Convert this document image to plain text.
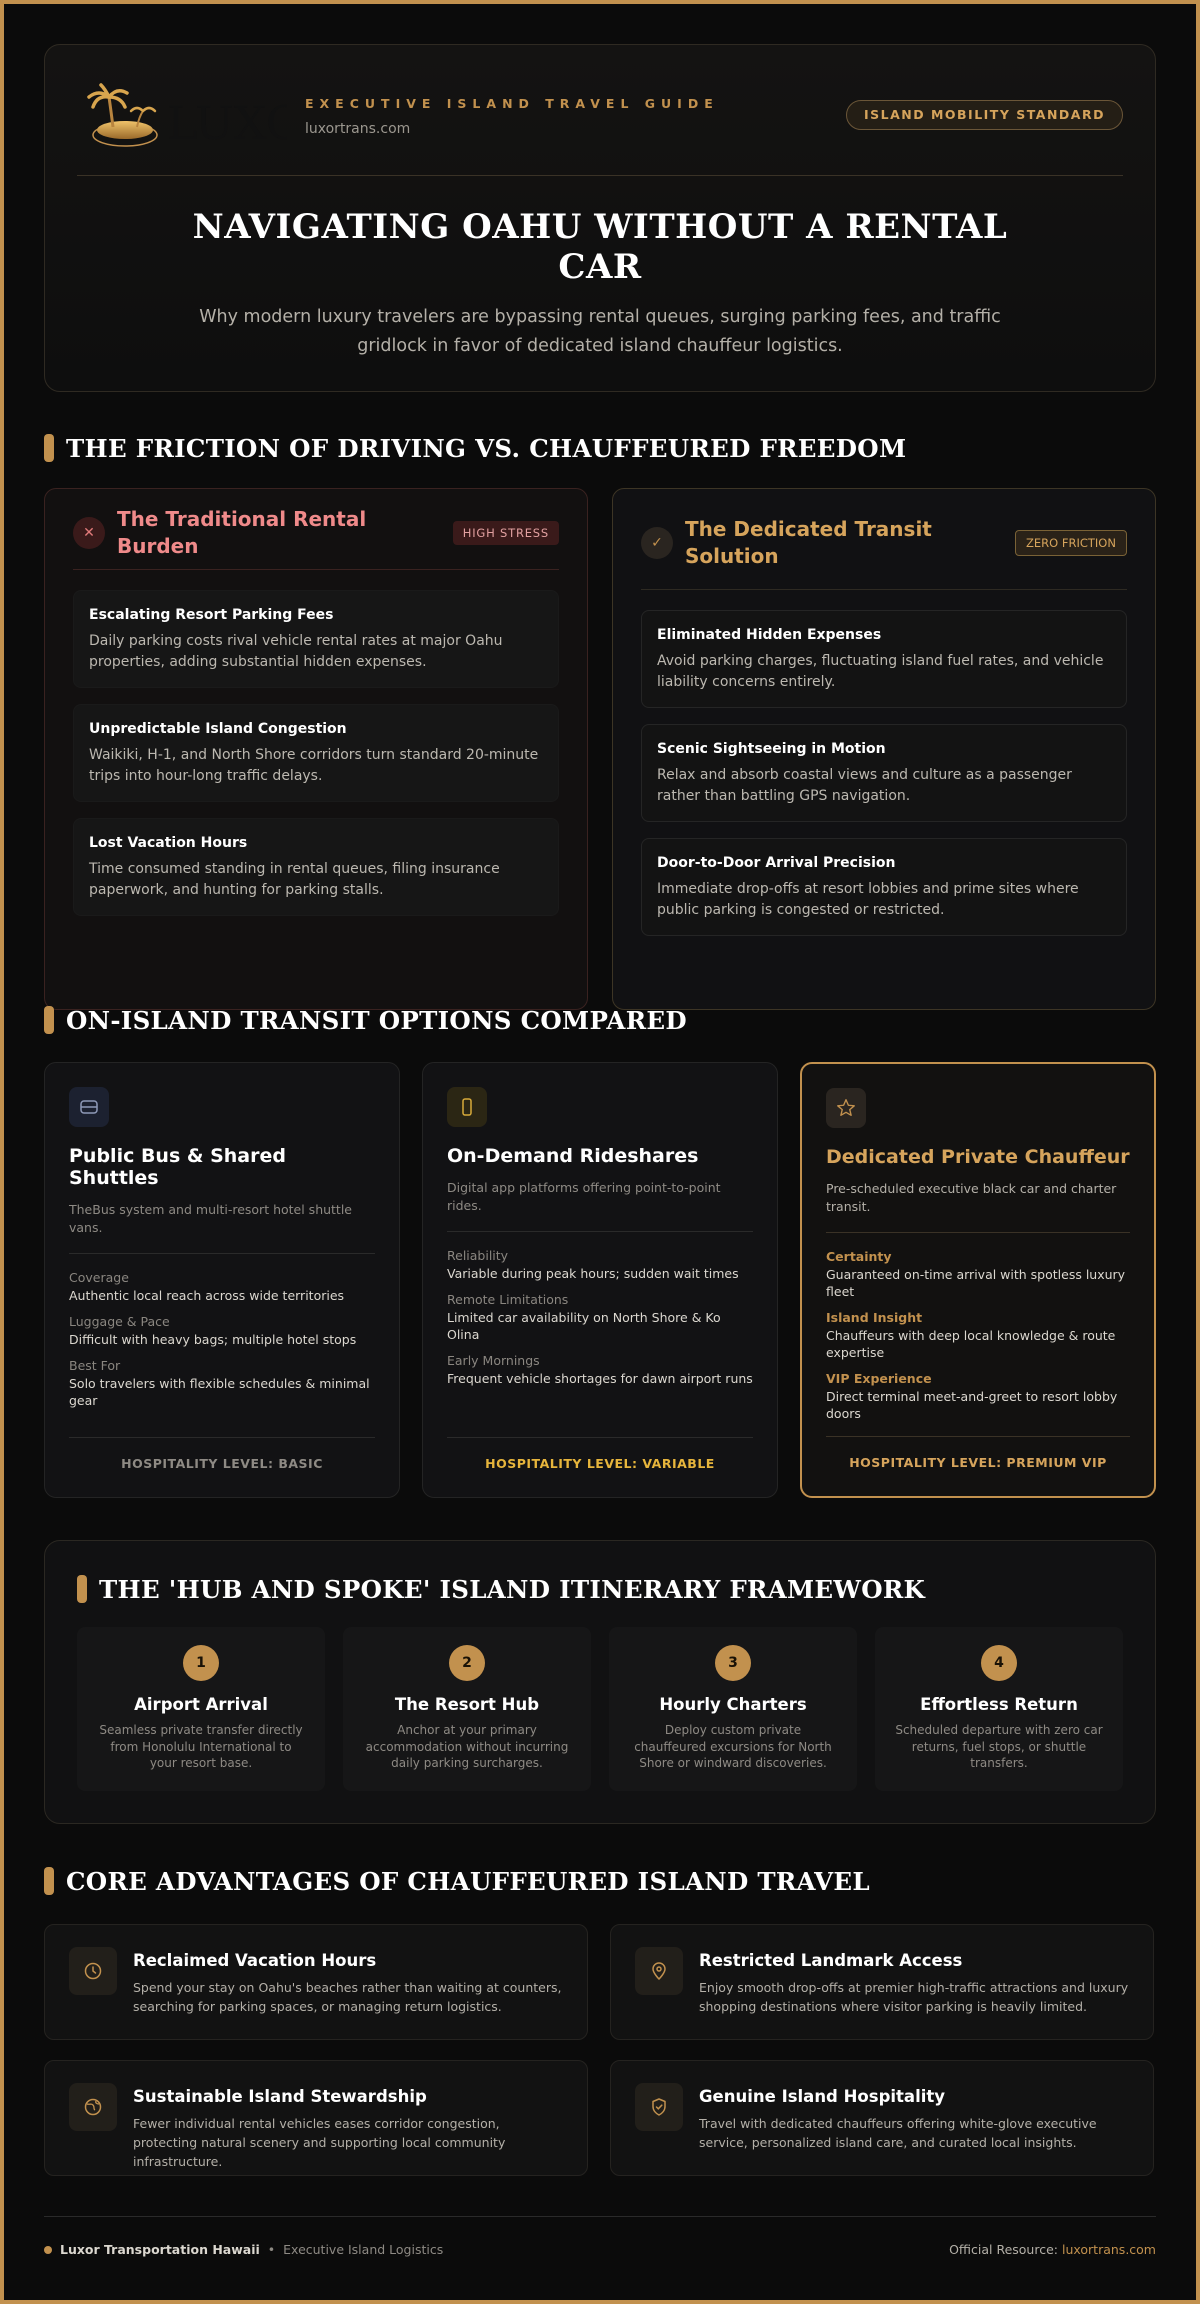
LUXO EXECUTIVE ISLAND TRAVEL GUIDE
luxortrans.com
ISLAND MOBILITY STANDARD
NAVIGATING OAHU WITHOUT A RENTAL CAR
Why modern luxury travelers are bypassing rental queues, surging parking fees, and traffic gridlock in favor of dedicated island chauffeur logistics.
THE FRICTION OF DRIVING VS. CHAUFFEURED FREEDOM
✕
The Traditional Rental Burden
HIGH STRESS
Escalating Resort Parking Fees
Daily parking costs rival vehicle rental rates at major Oahu properties, adding substantial hidden expenses.
Unpredictable Island Congestion
Waikiki, H-1, and North Shore corridors turn standard 20-minute trips into hour-long traffic delays.
Lost Vacation Hours
Time consumed standing in rental queues, filing insurance paperwork, and hunting for parking stalls.
✓
The Dedicated Transit Solution
ZERO FRICTION
Eliminated Hidden Expenses
Avoid parking charges, fluctuating island fuel rates, and vehicle liability concerns entirely.
Scenic Sightseeing in Motion
Relax and absorb coastal views and culture as a passenger rather than battling GPS navigation.
Door-to-Door Arrival Precision
Immediate drop-offs at resort lobbies and prime sites where public parking is congested or restricted.
ON-ISLAND TRANSIT OPTIONS COMPARED
Public Bus & Shared Shuttles
TheBus system and multi-resort hotel shuttle vans.
Coverage
Authentic local reach across wide territories
Luggage & Pace
Difficult with heavy bags; multiple hotel stops
Best For
Solo travelers with flexible schedules & minimal gear
HOSPITALITY LEVEL: BASIC
On-Demand Rideshares
Digital app platforms offering point-to-point rides.
Reliability
Variable during peak hours; sudden wait times
Remote Limitations
Limited car availability on North Shore & Ko Olina
Early Mornings
Frequent vehicle shortages for dawn airport runs
HOSPITALITY LEVEL: VARIABLE
Dedicated Private Chauffeur
Pre-scheduled executive black car and charter transit.
Certainty
Guaranteed on-time arrival with spotless luxury fleet
Island Insight
Chauffeurs with deep local knowledge & route expertise
VIP Experience
Direct terminal meet-and-greet to resort lobby doors
HOSPITALITY LEVEL: PREMIUM VIP
THE 'HUB AND SPOKE' ISLAND ITINERARY FRAMEWORK
1
Airport Arrival
Seamless private transfer directly from Honolulu International to your resort base.
2
The Resort Hub
Anchor at your primary accommodation without incurring daily parking surcharges.
3
Hourly Charters
Deploy custom private chauffeured excursions for North Shore or windward discoveries.
4
Effortless Return
Scheduled departure with zero car returns, fuel stops, or shuttle transfers.
CORE ADVANTAGES OF CHAUFFEURED ISLAND TRAVEL
Reclaimed Vacation Hours
Spend your stay on Oahu's beaches rather than waiting at counters, searching for parking spaces, or managing return logistics.
Restricted Landmark Access
Enjoy smooth drop-offs at premier high-traffic attractions and luxury shopping destinations where visitor parking is heavily limited.
Sustainable Island Stewardship
Fewer individual rental vehicles eases corridor congestion, protecting natural scenery and supporting local community infrastructure.
Genuine Island Hospitality
Travel with dedicated chauffeurs offering white-glove executive service, personalized island care, and curated local insights.
Luxor Transportation Hawaii • Executive Island Logistics	Official Resource: luxortrans.com
